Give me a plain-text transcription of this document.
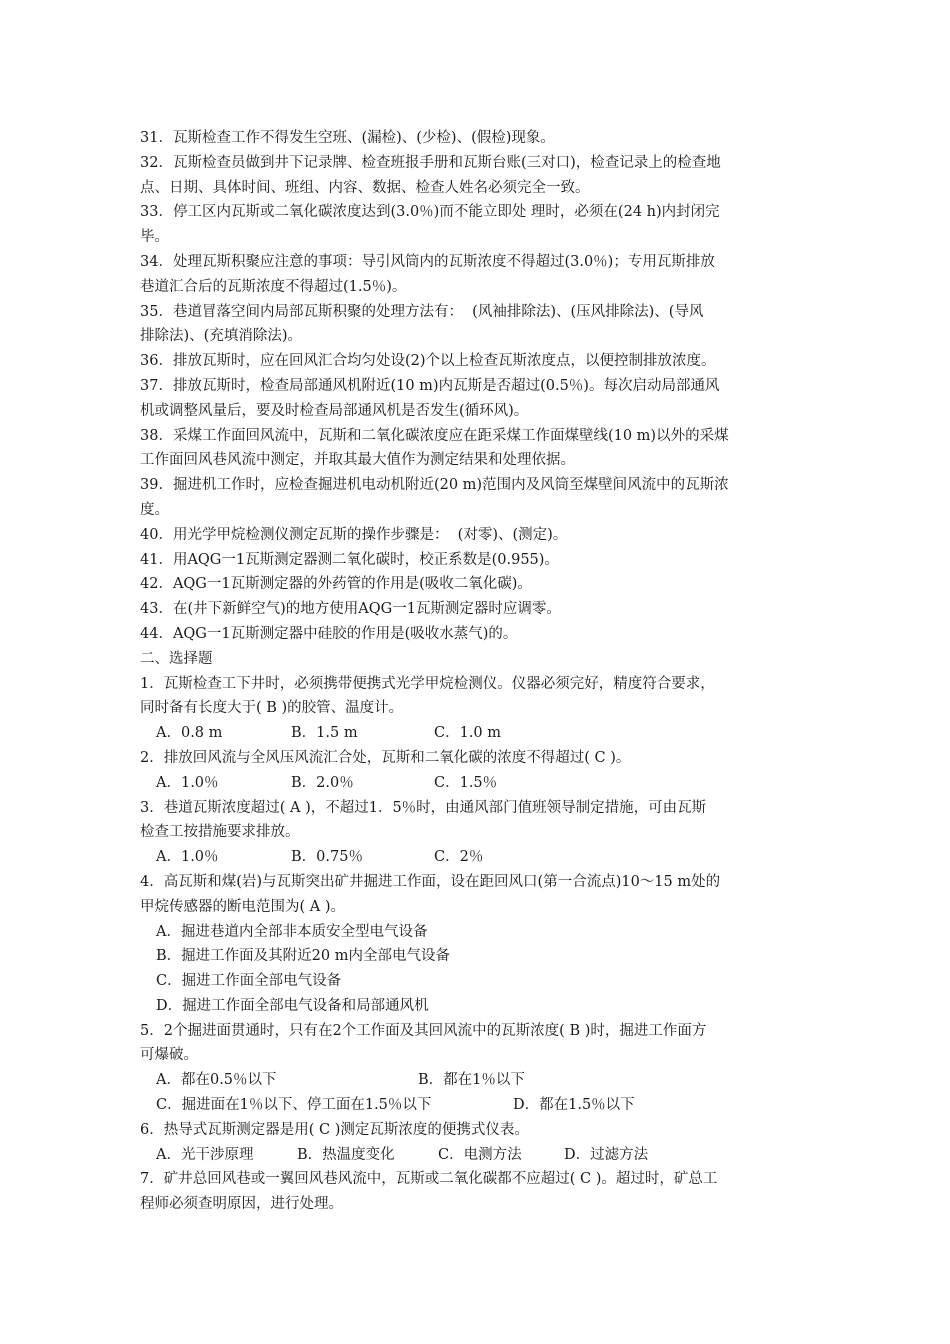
31．瓦斯检查工作不得发生空班、(漏检)、(少检)、(假检)现象。
32．瓦斯检查员做到井下记录牌、检查班报手册和瓦斯台账(三对口)，检查记录上的检查地
点、日期、具体时间、班组、内容、数据、检查人姓名必须完全一致。
33．停工区内瓦斯或二氧化碳浓度达到(3.0％)而不能立即处 理时，必须在(24 h)内封闭完
毕。
34．处理瓦斯积聚应注意的事项：导引风筒内的瓦斯浓度不得超过(3.0％)；专用瓦斯排放
巷道汇合后的瓦斯浓度不得超过(1.5％)。
35．巷道冒落空间内局部瓦斯积聚的处理方法有：  (风袖排除法)、(压风排除法)、(导风
排除法)、(充填消除法)。
36．排放瓦斯时，应在回风汇合均匀处设(2)个以上检查瓦斯浓度点，以便控制排放浓度。
37．排放瓦斯时，检查局部通风机附近(10 m)内瓦斯是否超过(0.5％)。每次启动局部通风
机或调整风量后，要及时检查局部通风机是否发生(循环风)。
38．采煤工作面回风流中，瓦斯和二氧化碳浓度应在距采煤工作面煤壁线(10 m)以外的采煤
工作面回风巷风流中测定，并取其最大值作为测定结果和处理依据。
39．掘进机工作时，应检查掘进机电动机附近(20 m)范围内及风筒至煤壁间风流中的瓦斯浓
度。
40．用光学甲烷检测仪测定瓦斯的操作步骤是：  (对零)、(测定)。
41．用AQG一1瓦斯测定器测二氧化碳时，校正系数是(0.955)。
42．AQG一1瓦斯测定器的外药管的作用是(吸收二氧化碳)。
43．在(井下新鲜空气)的地方使用AQG一1瓦斯测定器时应调零。
44．AQG一1瓦斯测定器中硅胶的作用是(吸收水蒸气)的。
二、选择题
1．瓦斯检查工下井时，必须携带便携式光学甲烷检测仪。仪器必须完好，精度符合要求，
同时备有长度大于( B )的胶管、温度计。
A．0.8 m	B．1.5 m	C．1.0 m
2．排放回风流与全风压风流汇合处，瓦斯和二氧化碳的浓度不得超过( C )。
A．1.0％	B．2.0％	C．1.5％
3．巷道瓦斯浓度超过( A )，不超过1．5％时，由通风部门值班领导制定措施，可由瓦斯
检查工按措施要求排放。
A．1.0％	B．0.75％	C．2％
4．高瓦斯和煤(岩)与瓦斯突出矿井掘进工作面，设在距回风口(第一合流点)10～15 m处的
甲烷传感器的断电范围为( A )。
A．掘进巷道内全部非本质安全型电气设备
B．掘进工作面及其附近20 m内全部电气设备
C．掘进工作面全部电气设备
D．掘进工作面全部电气设备和局部通风机
5．2个掘进面贯通时，只有在2个工作面及其回风流中的瓦斯浓度( B )时，掘进工作面方
可爆破。
A．都在0.5％以下	B．都在1％以下
C．掘进面在1％以下、停工面在1.5％以下	D．都在1.5％以下
6．热导式瓦斯测定器是用( C )测定瓦斯浓度的便携式仪表。
A．光干涉原理	B．热温度变化	C．电测方法	D．过滤方法
7．矿井总回风巷或一翼回风巷风流中，瓦斯或二氧化碳都不应超过( C )。超过时，矿总工
程师必须查明原因，进行处理。
